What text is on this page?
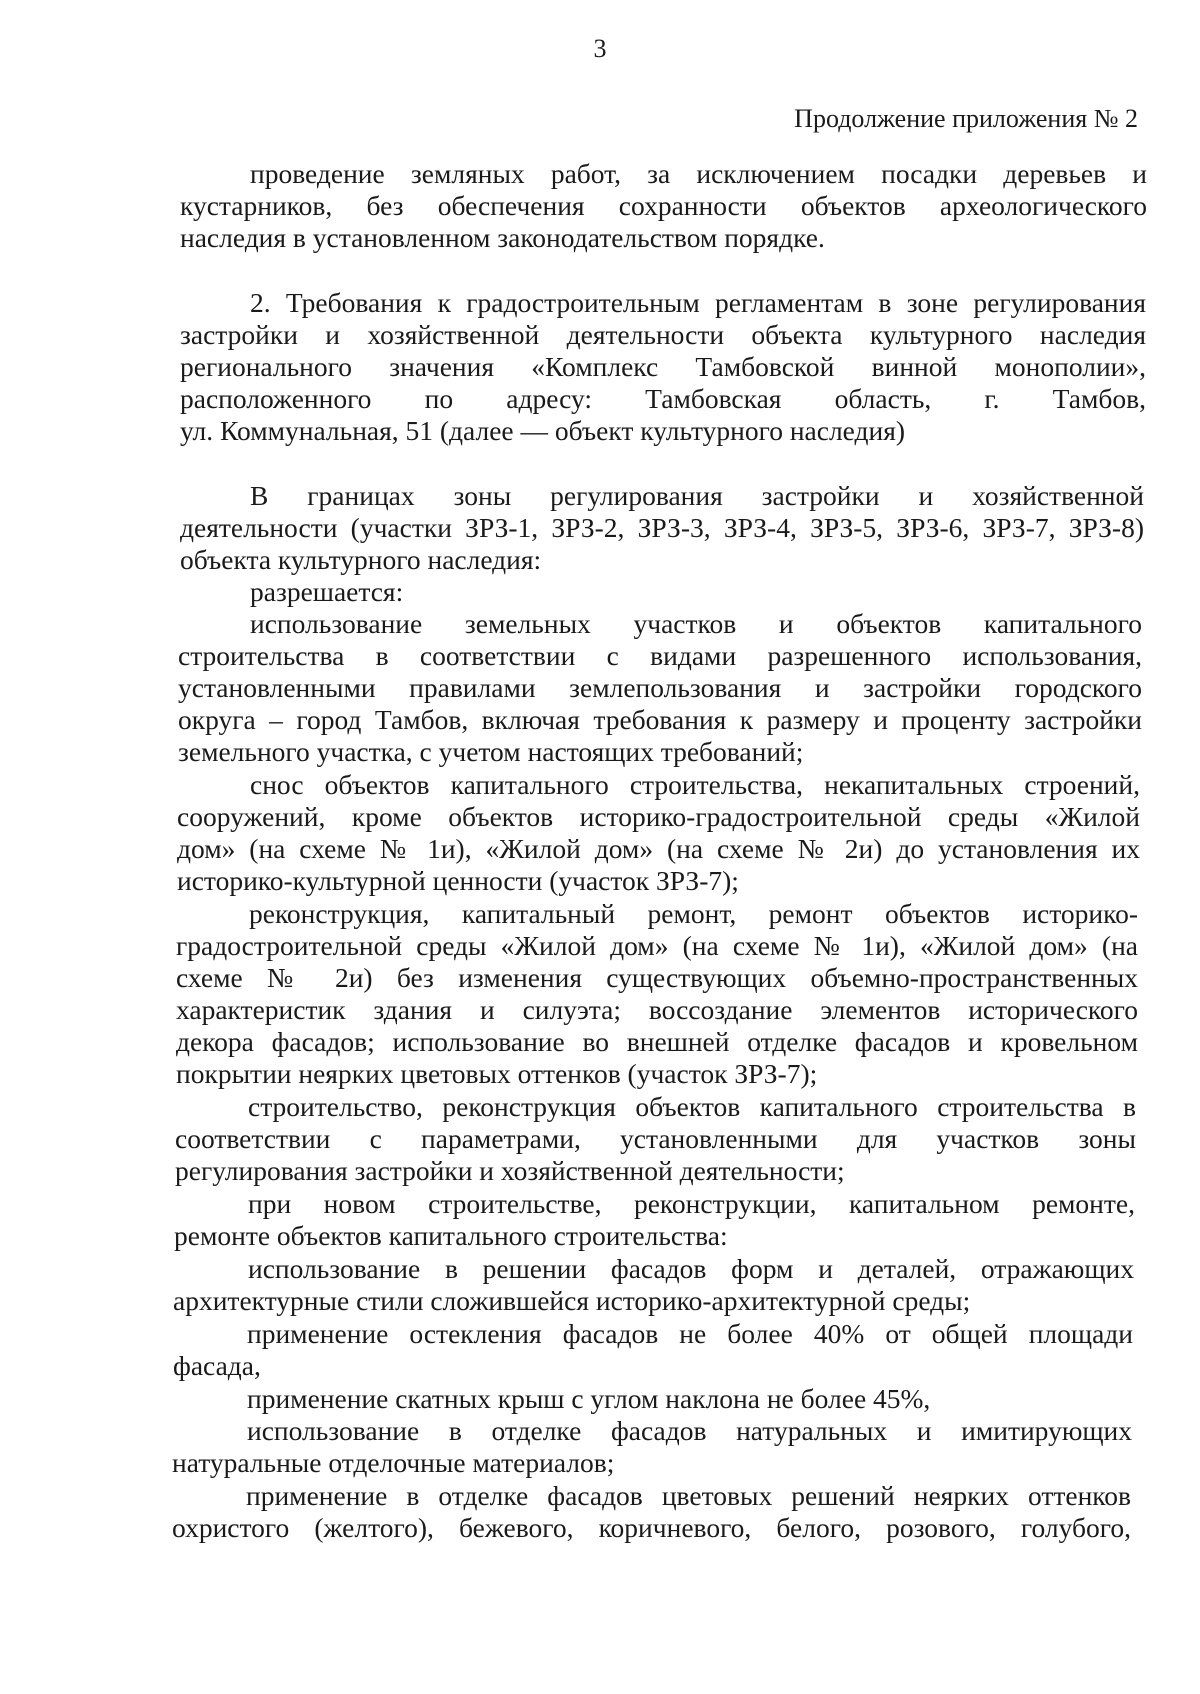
3
Продолжение приложения № 2
проведение земляных работ, за исключением посадки деревьев и
кустарников, без обеспечения сохранности объектов археологического
наследия в установленном законодательством порядке.
2. Требования к градостроительным регламентам в зоне регулирования
застройки и хозяйственной деятельности объекта культурного наследия
регионального значения «Комплекс Тамбовской винной монополии»,
расположенного по адресу: Тамбовская область, г. Тамбов,
ул. Коммунальная, 51 (далее — объект культурного наследия)
В границах зоны регулирования застройки и хозяйственной
деятельности (участки ЗРЗ-1, ЗРЗ-2, ЗРЗ-3, ЗРЗ-4, ЗРЗ-5, ЗРЗ-6, ЗРЗ-7, ЗРЗ-8)
объекта культурного наследия:
разрешается:
использование земельных участков и объектов капитального
строительства в соответствии с видами разрешенного использования,
установленными правилами землепользования и застройки городского
округа – город Тамбов, включая требования к размеру и проценту застройки
земельного участка, с учетом настоящих требований;
снос объектов капитального строительства, некапитальных строений,
сооружений, кроме объектов историко-градостроительной среды «Жилой
дом» (на схеме № 1и), «Жилой дом» (на схеме № 2и) до установления их
историко-культурной ценности (участок ЗРЗ-7);
реконструкция, капитальный ремонт, ремонт объектов историко-
градостроительной среды «Жилой дом» (на схеме № 1и), «Жилой дом» (на
схеме № 2и) без изменения существующих объемно-пространственных
характеристик здания и силуэта; воссоздание элементов исторического
декора фасадов; использование во внешней отделке фасадов и кровельном
покрытии неярких цветовых оттенков (участок ЗРЗ-7);
строительство, реконструкция объектов капитального строительства в
соответствии с параметрами, установленными для участков зоны
регулирования застройки и хозяйственной деятельности;
при новом строительстве, реконструкции, капитальном ремонте,
ремонте объектов капитального строительства:
использование в решении фасадов форм и деталей, отражающих
архитектурные стили сложившейся историко-архитектурной среды;
применение остекления фасадов не более 40% от общей площади
фасада,
применение скатных крыш с углом наклона не более 45%,
использование в отделке фасадов натуральных и имитирующих
натуральные отделочные материалов;
применение в отделке фасадов цветовых решений неярких оттенков
охристого (желтого), бежевого, коричневого, белого, розового, голубого,
